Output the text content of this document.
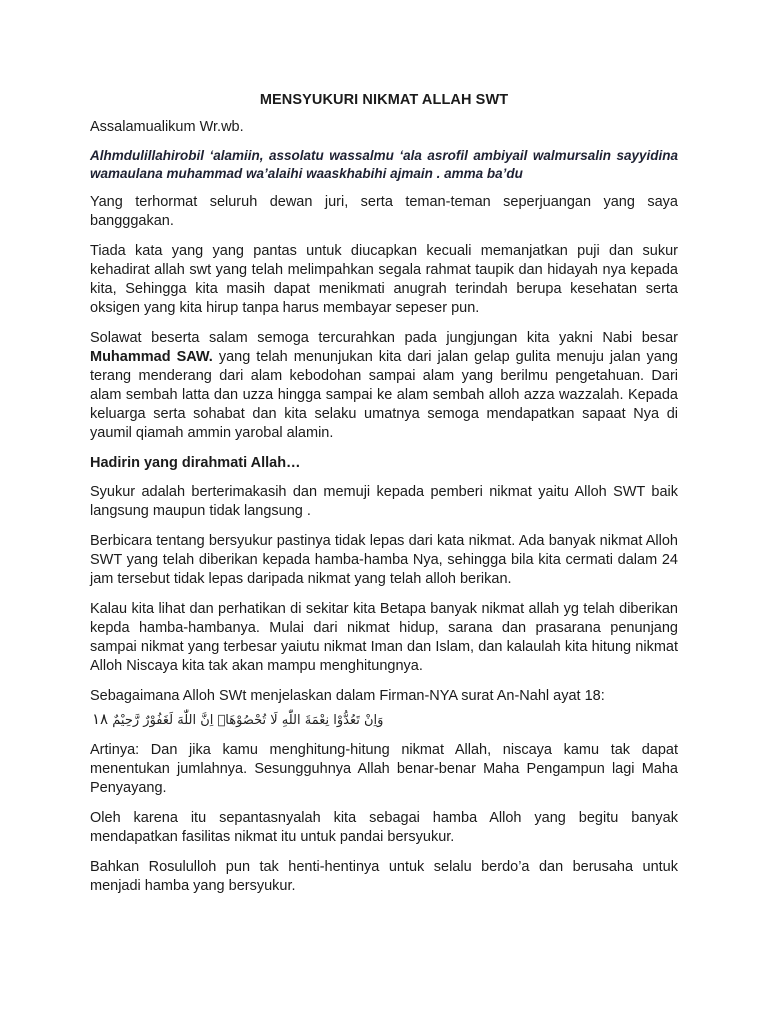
MENSYUKURI NIKMAT ALLAH SWT

Assalamualikum Wr.wb.

Alhmdulillahirobil ‘alamiin, assolatu wassalmu ‘ala asrofil ambiyail walmursalin sayyidina wamaulana muhammad wa’alaihi waaskhabihi ajmain . amma ba’du

Yang terhormat seluruh dewan juri, serta teman-teman seperjuangan yang saya bangggakan.

Tiada kata yang yang pantas untuk diucapkan kecuali memanjatkan puji dan sukur kehadirat allah swt yang telah melimpahkan segala rahmat taupik dan hidayah nya kepada kita, Sehingga kita masih dapat menikmati anugrah terindah berupa kesehatan serta oksigen yang kita hirup tanpa harus membayar sepeser pun.

Solawat beserta salam semoga tercurahkan pada jungjungan kita yakni Nabi besar Muhammad SAW. yang telah menunjukan kita dari jalan gelap gulita menuju jalan yang terang menderang dari alam kebodohan sampai alam yang berilmu pengetahuan. Dari alam sembah latta dan uzza hingga sampai ke alam sembah alloh azza wazzalah. Kepada keluarga serta sohabat dan kita selaku umatnya semoga mendapatkan sapaat Nya di yaumil qiamah ammin yarobal alamin.

Hadirin yang dirahmati Allah…

Syukur adalah berterimakasih dan memuji kepada pemberi nikmat yaitu Alloh SWT baik langsung maupun tidak langsung .

Berbicara tentang bersyukur pastinya tidak lepas dari kata nikmat. Ada banyak nikmat Alloh SWT yang telah diberikan kepada hamba-hamba Nya, sehingga bila kita cermati dalam 24 jam tersebut tidak lepas daripada nikmat yang telah alloh berikan.

Kalau kita lihat dan perhatikan di sekitar kita Betapa banyak nikmat allah yg telah diberikan kepda hamba-hambanya. Mulai dari nikmat hidup, sarana dan prasarana penunjang sampai nikmat yang terbesar yaiutu nikmat Iman dan Islam, dan kalaulah kita hitung nikmat Alloh Niscaya kita tak akan mampu menghitungnya.

Sebagaimana Alloh SWt menjelaskan dalam Firman-NYA surat An-Nahl ayat 18:

وَاِنْ تَعُدُّوْا نِعْمَةَ اللّٰهِ لَا تُحْصُوْهَاۗ اِنَّ اللّٰهَ لَغَفُوْرٌ رَّحِيْمٌ ١٨

Artinya: Dan jika kamu menghitung-hitung nikmat Allah, niscaya kamu tak dapat menentukan jumlahnya. Sesungguhnya Allah benar-benar Maha Pengampun lagi Maha Penyayang.

Oleh karena itu sepantasnyalah kita sebagai hamba Alloh yang begitu banyak mendapatkan fasilitas nikmat itu untuk pandai bersyukur.

Bahkan Rosululloh pun tak henti-hentinya untuk selalu berdo’a dan berusaha untuk menjadi hamba yang bersyukur.
